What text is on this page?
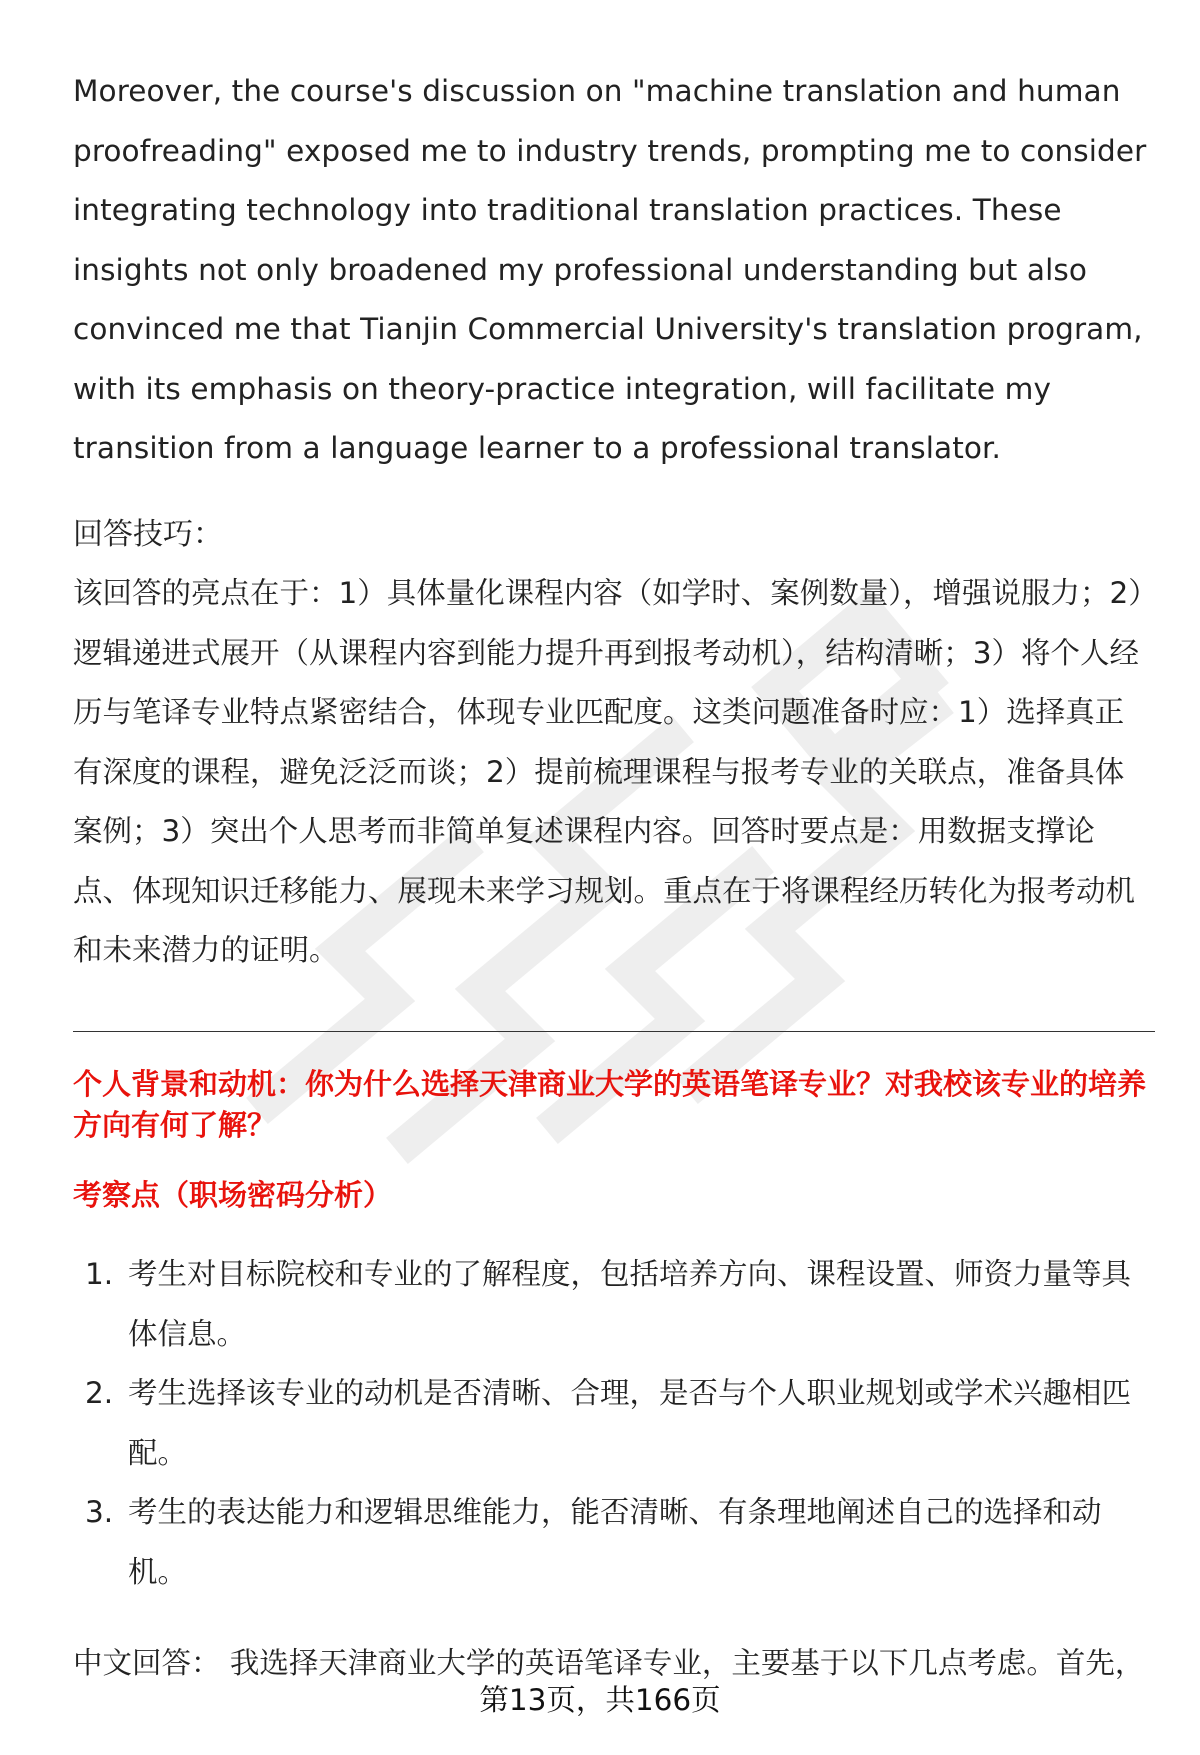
Moreover, the course's discussion on "machine translation and human proofreading" exposed me to industry trends, prompting me to consider integrating technology into traditional translation practices. These insights not only broadened my professional understanding but also convinced me that Tianjin Commercial University's translation program, with its emphasis on theory-practice integration, will facilitate my transition from a language learner to a professional translator.

回答技巧：

该回答的亮点在于：1）具体量化课程内容（如学时、案例数量），增强说服力；2）逻辑递进式展开（从课程内容到能力提升再到报考动机），结构清晰；3）将个人经历与笔译专业特点紧密结合，体现专业匹配度。这类问题准备时应：1）选择真正有深度的课程，避免泛泛而谈；2）提前梳理课程与报考专业的关联点，准备具体案例；3）突出个人思考而非简单复述课程内容。回答时要点是：用数据支撑论点、体现知识迁移能力、展现未来学习规划。重点在于将课程经历转化为报考动机和未来潜力的证明。

个人背景和动机：你为什么选择天津商业大学的英语笔译专业？对我校该专业的培养方向有何了解？

考察点（职场密码分析）

1. 考生对目标院校和专业的了解程度，包括培养方向、课程设置、师资力量等具体信息。
2. 考生选择该专业的动机是否清晰、合理，是否与个人职业规划或学术兴趣相匹配。
3. 考生的表达能力和逻辑思维能力，能否清晰、有条理地阐述自己的选择和动机。

中文回答： 我选择天津商业大学的英语笔译专业，主要基于以下几点考虑。首先，

第13页，共166页
